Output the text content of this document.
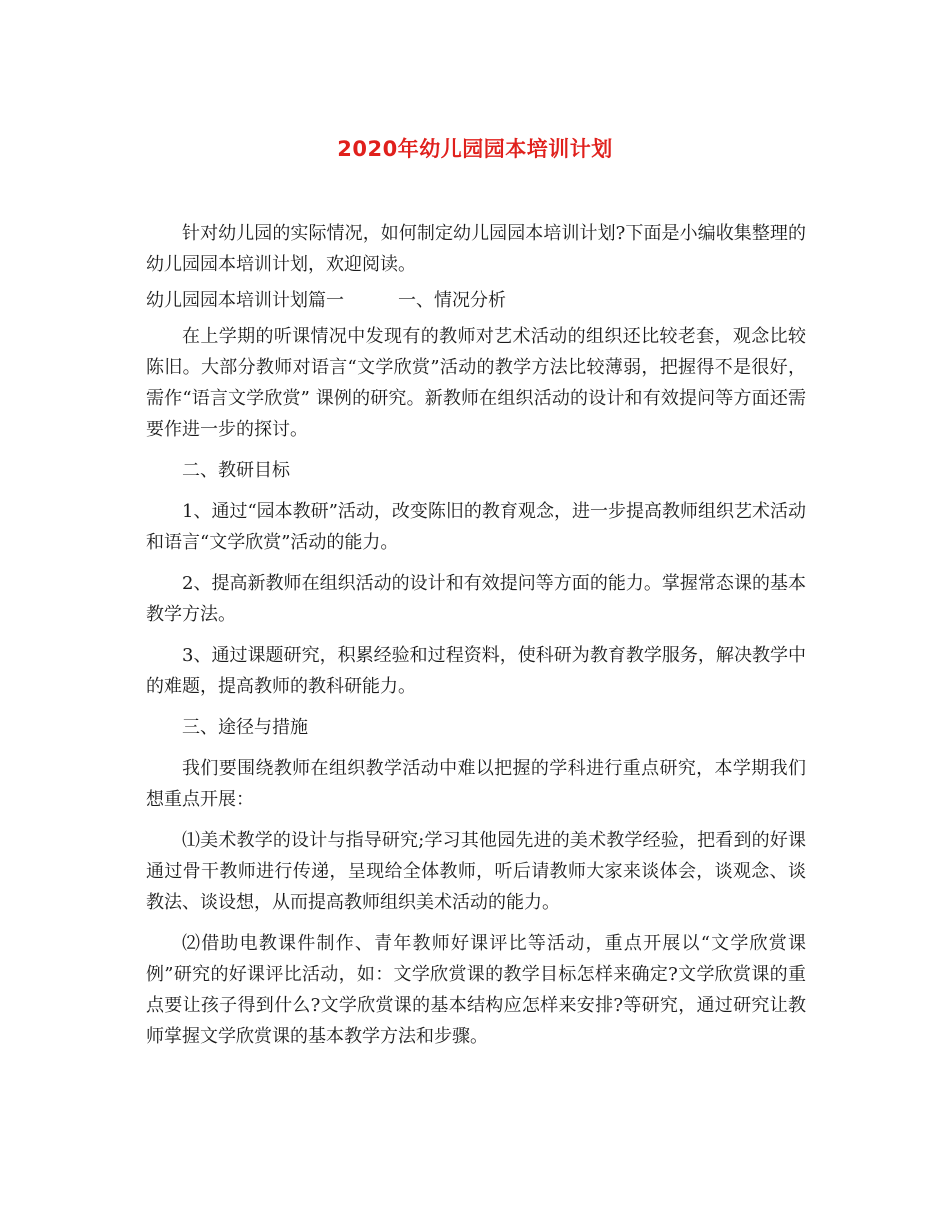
2020年幼儿园园本培训计划

针对幼儿园的实际情况，如何制定幼儿园园本培训计划?下面是小编收集整理的幼儿园园本培训计划，欢迎阅读。

幼儿园园本培训计划篇一　　　一、情况分析

在上学期的听课情况中发现有的教师对艺术活动的组织还比较老套，观念比较陈旧。大部分教师对语言“文学欣赏”活动的教学方法比较薄弱，把握得不是很好，需作“语言文学欣赏” 课例的研究。新教师在组织活动的设计和有效提问等方面还需要作进一步的探讨。

二、教研目标

1、通过“园本教研”活动，改变陈旧的教育观念，进一步提高教师组织艺术活动和语言“文学欣赏”活动的能力。

2、提高新教师在组织活动的设计和有效提问等方面的能力。掌握常态课的基本教学方法。

3、通过课题研究，积累经验和过程资料，使科研为教育教学服务，解决教学中的难题，提高教师的教科研能力。

三、途径与措施

我们要围绕教师在组织教学活动中难以把握的学科进行重点研究，本学期我们想重点开展：

⑴美术教学的设计与指导研究;学习其他园先进的美术教学经验，把看到的好课通过骨干教师进行传递，呈现给全体教师，听后请教师大家来谈体会，谈观念、谈教法、谈设想，从而提高教师组织美术活动的能力。

⑵借助电教课件制作、青年教师好课评比等活动，重点开展以“文学欣赏课例”研究的好课评比活动，如：文学欣赏课的教学目标怎样来确定?文学欣赏课的重点要让孩子得到什么?文学欣赏课的基本结构应怎样来安排?等研究，通过研究让教师掌握文学欣赏课的基本教学方法和步骤。
